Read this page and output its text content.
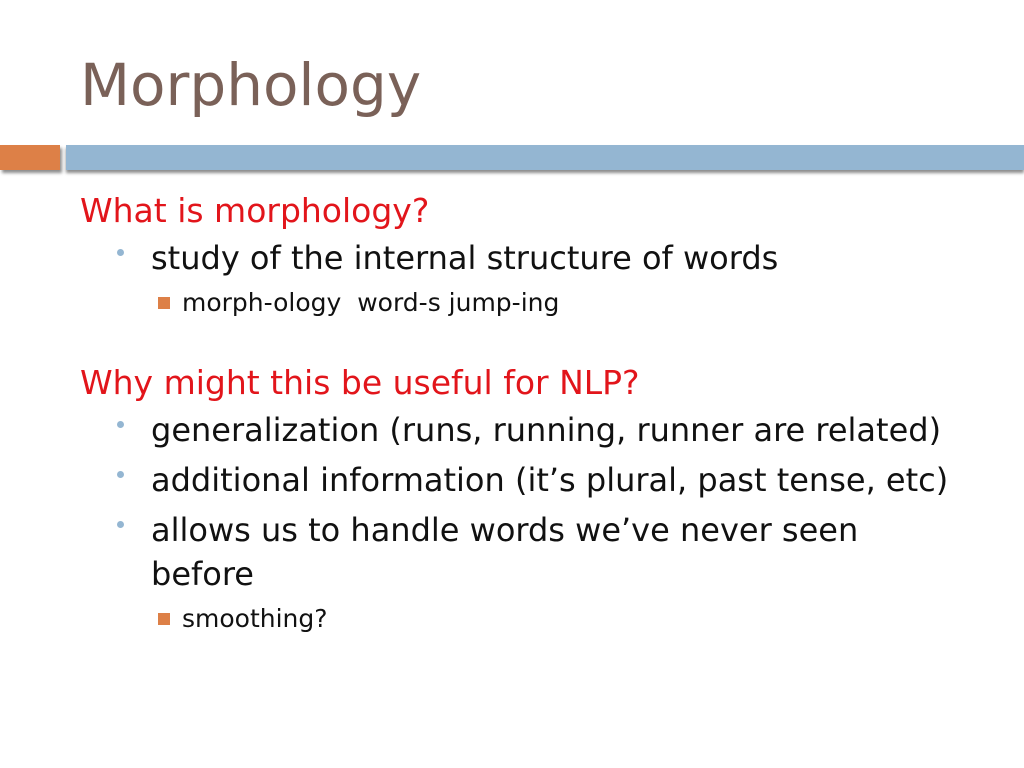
Morphology

What is morphology?

study of the internal structure of words

morph-ology  word-s jump-ing

Why might this be useful for NLP?

generalization (runs, running, runner are related)

additional information (it’s plural, past tense, etc)

allows us to handle words we’ve never seen before

smoothing?
